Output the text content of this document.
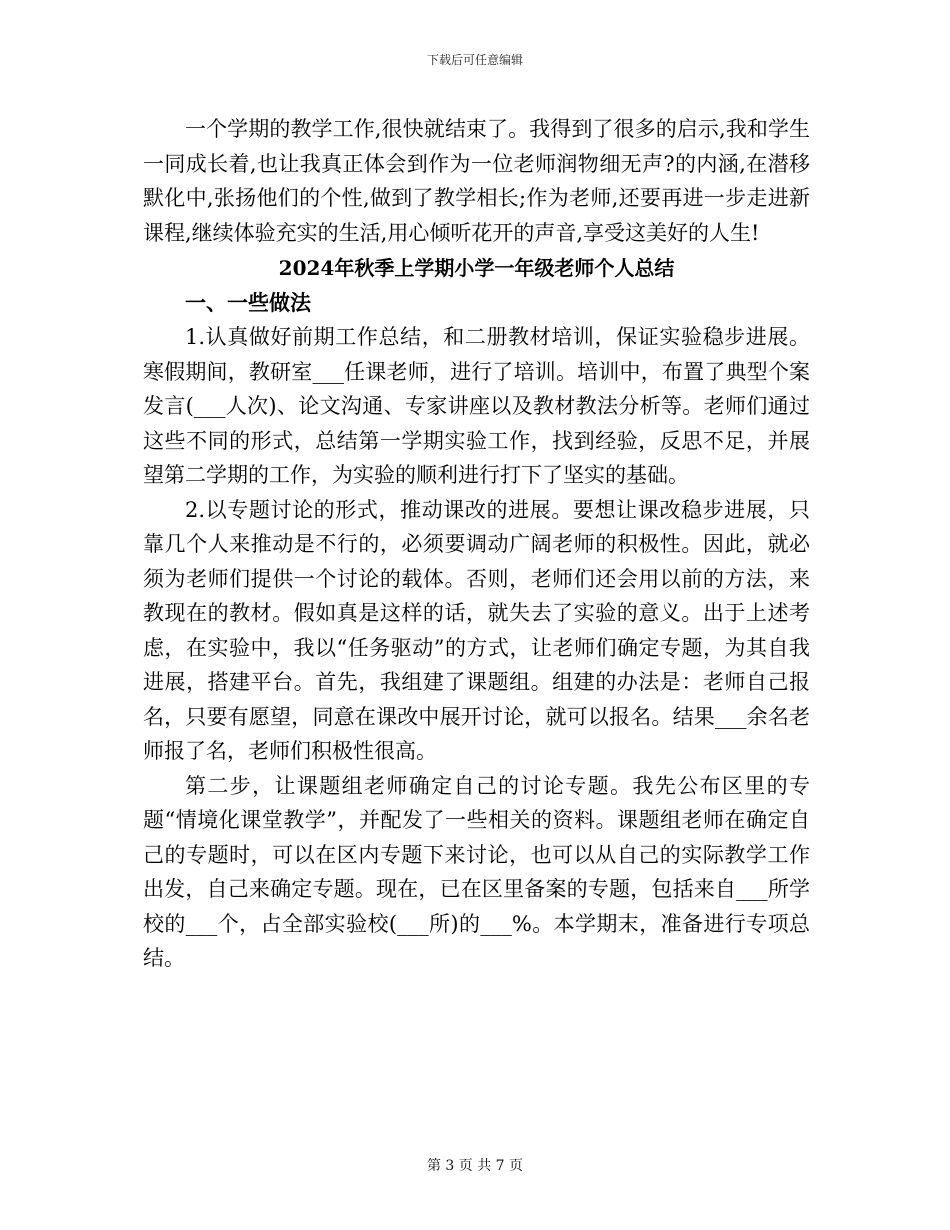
下载后可任意编辑

一个学期的教学工作,很快就结束了。我得到了很多的启示,我和学生一同成长着,也让我真正体会到作为一位老师润物细无声?的内涵,在潜移默化中,张扬他们的个性,做到了教学相长;作为老师,还要再进一步走进新课程,继续体验充实的生活,用心倾听花开的声音,享受这美好的人生!

2024年秋季上学期小学一年级老师个人总结
一、一些做法

1.认真做好前期工作总结，和二册教材培训，保证实验稳步进展。寒假期间，教研室___任课老师，进行了培训。培训中，布置了典型个案发言(___人次)、论文沟通、专家讲座以及教材教法分析等。老师们通过这些不同的形式，总结第一学期实验工作，找到经验，反思不足，并展望第二学期的工作，为实验的顺利进行打下了坚实的基础。

2.以专题讨论的形式，推动课改的进展。要想让课改稳步进展，只靠几个人来推动是不行的，必须要调动广阔老师的积极性。因此，就必须为老师们提供一个讨论的载体。否则，老师们还会用以前的方法，来教现在的教材。假如真是这样的话，就失去了实验的意义。出于上述考虑，在实验中，我以“任务驱动”的方式，让老师们确定专题，为其自我进展，搭建平台。首先，我组建了课题组。组建的办法是：老师自己报名，只要有愿望，同意在课改中展开讨论，就可以报名。结果___余名老师报了名，老师们积极性很高。

第二步，让课题组老师确定自己的讨论专题。我先公布区里的专题“情境化课堂教学”，并配发了一些相关的资料。课题组老师在确定自己的专题时，可以在区内专题下来讨论，也可以从自己的实际教学工作出发，自己来确定专题。现在，已在区里备案的专题，包括来自___所学校的___个，占全部实验校(___所)的___%。本学期末，准备进行专项总结。

第 3 页 共 7 页
